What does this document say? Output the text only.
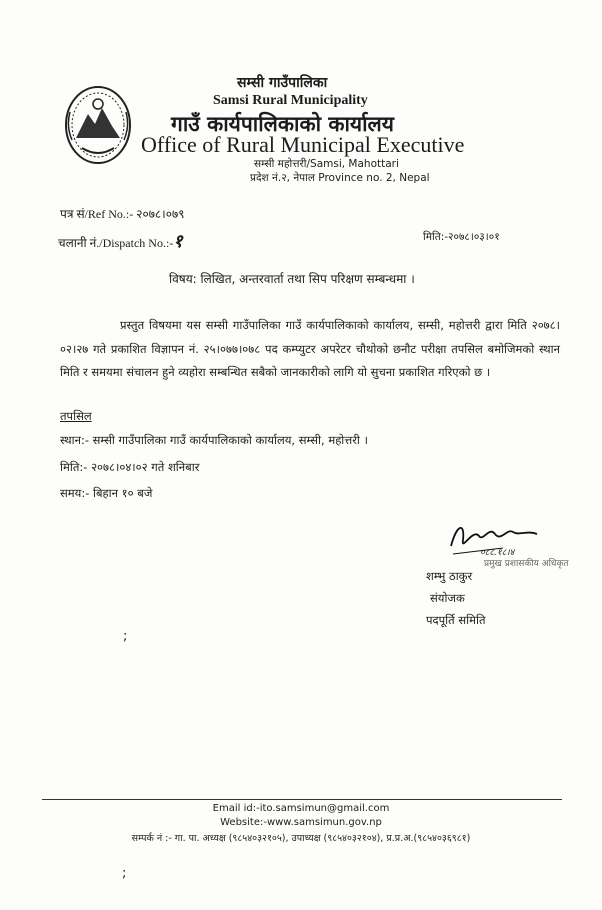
सम्सी गाउँपालिका
Samsi Rural Municipality
गाउँ कार्यपालिकाको कार्यालय
Office of Rural Municipal Executive
सम्सी महोत्तरी/Samsi, Mahottari
प्रदेश नं.२, नेपाल Province no. 2, Nepal
पत्र सं/Ref No.:- २०७८।०७९
चलानी नं./Dispatch No.:-१	मिति:-२०७८।०३।०१
विषय: लिखित, अन्तरवार्ता तथा सिप परिक्षण सम्बन्धमा ।
प्रस्तुत विषयमा यस सम्सी गाउँपालिका गाउँ कार्यपालिकाको कार्यालय, सम्सी, महोत्तरी द्वारा मिति २०७८।०२।२७ गते प्रकाशित विज्ञापन नं. २५।०७७।०७८ पद कम्प्युटर अपरेटर चौथोको छनौट परीक्षा तपसिल बमोजिमको स्थान मिति र समयमा संचालन हुने व्यहोरा सम्बन्धित सबैको जानकारीको लागि यो सुचना प्रकाशित गरिएको छ ।
तपसिल
स्थान:- सम्सी गाउँपालिका गाउँ कार्यपालिकाको कार्यालय, सम्सी, महोत्तरी ।
मिति:- २०७८।०४।०२ गते शनिबार
समय:- बिहान १० बजे
०८८.१८।४
प्रमुख प्रशासकीय अधिकृत
शम्भु ठाकुर
संयोजक
पदपूर्ति समिति
;
;
Email id:-ito.samsimun@gmail.com
Website:-www.samsimun.gov.np
सम्पर्क नं :- गा. पा. अध्यक्ष (९८५४०३२१०५), उपाध्यक्ष (९८५४०३२१०४), प्र.प्र.अ.(९८५४०३६९८१)
